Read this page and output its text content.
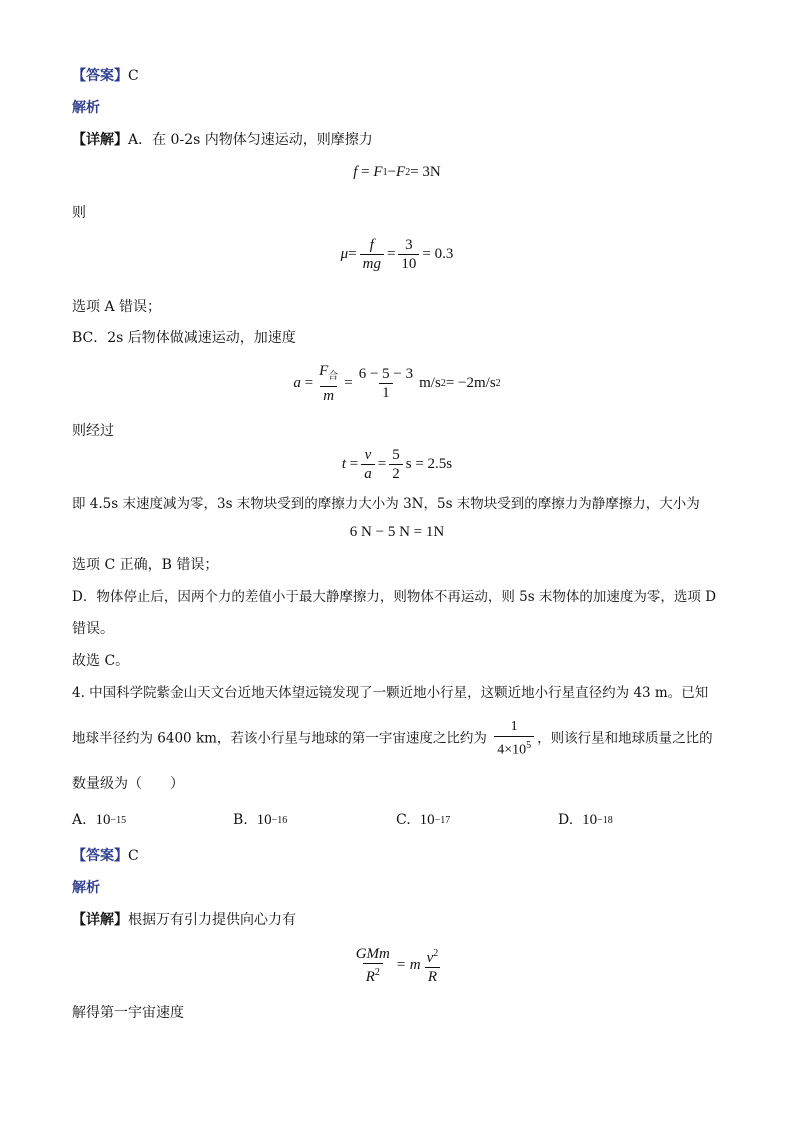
【答案】C
解析
【详解】A．在 0-2s 内物体匀速运动，则摩擦力
f = F 1 − F 2 = 3N
则
$\mu = \frac{f}{mg} = \frac{3}{10} = 0.3$
选项 A 错误；
BC．2s 后物体做减速运动，加速度
$a = \frac{F_合}{m} = \frac{6 - 5 - 3}{1} m/s$ 2 = −2m/s 2
则经过
$t = \frac{v}{a} = \frac{5}{2}$ s = 2.5s
即 4.5s 末速度减为零，3s 末物块受到的摩擦力大小为 3N，5s 末物块受到的摩擦力为静摩擦力，大小为
6 N − 5 N = 1N
选项 C 正确，B 错误；
D．物体停止后，因两个力的差值小于最大静摩擦力，则物体不再运动，则 5s 末物体的加速度为零，选项 D
错误。
故选 C。
4. 中国科学院紫金山天文台近地天体望远镜发现了一颗近地小行星，这颗近地小行星直径约为 43 m。已知
地球半径约为 6400 km，若该小行星与地球的第一宇宙速度之比约为 $\frac{1}{4\times 10^5}$ ，则该行星和地球质量之比的
数量级为（　　）
A. 10 −15	B. 10 −16	C. 10 −17	D. 10 −18
【答案】C
解析
【详解】根据万有引力提供向心力有
$\frac{\text{GMm}}{R^2} = m \frac{v^2}{R}$
解得第一宇宙速度
